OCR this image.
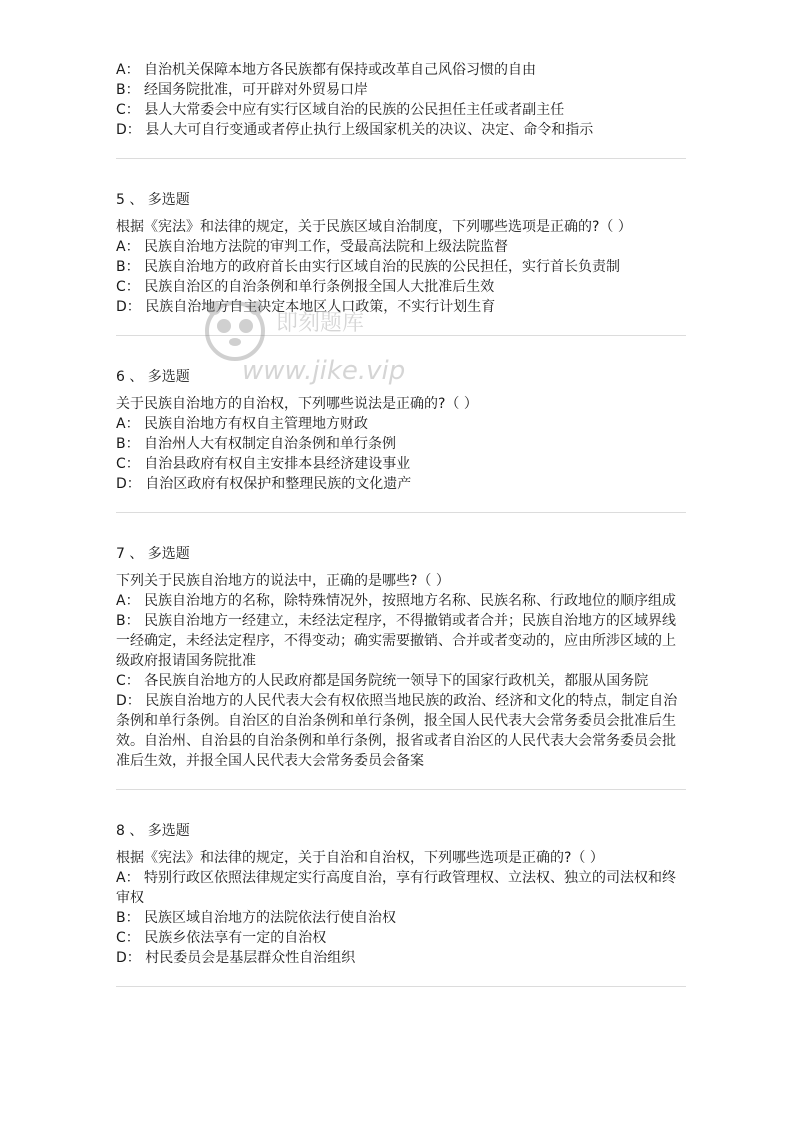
A： 自治机关保障本地方各民族都有保持或改革自己风俗习惯的自由
B： 经国务院批准，可开辟对外贸易口岸
C： 县人大常委会中应有实行区域自治的民族的公民担任主任或者副主任
D： 县人大可自行变通或者停止执行上级国家机关的决议、决定、命令和指示
5 、 多选题
根据《宪法》和法律的规定，关于民族区域自治制度，下列哪些选项是正确的?（ ）
A： 民族自治地方法院的审判工作，受最高法院和上级法院监督
B： 民族自治地方的政府首长由实行区域自治的民族的公民担任，实行首长负责制
C： 民族自治区的自治条例和单行条例报全国人大批准后生效
D： 民族自治地方自主决定本地区人口政策，不实行计划生育
6 、 多选题
关于民族自治地方的自治权，下列哪些说法是正确的?（ ）
A： 民族自治地方有权自主管理地方财政
B： 自治州人大有权制定自治条例和单行条例
C： 自治县政府有权自主安排本县经济建设事业
D： 自治区政府有权保护和整理民族的文化遗产
7 、 多选题
下列关于民族自治地方的说法中，正确的是哪些?（ ）
A： 民族自治地方的名称，除特殊情况外，按照地方名称、民族名称、行政地位的顺序组成
B： 民族自治地方一经建立，未经法定程序，不得撤销或者合并；民族自治地方的区域界线一经确定，未经法定程序，不得变动；确实需要撤销、合并或者变动的，应由所涉区域的上级政府报请国务院批准
C： 各民族自治地方的人民政府都是国务院统一领导下的国家行政机关，都服从国务院
D： 民族自治地方的人民代表大会有权依照当地民族的政治、经济和文化的特点，制定自治条例和单行条例。自治区的自治条例和单行条例，报全国人民代表大会常务委员会批准后生效。自治州、自治县的自治条例和单行条例，报省或者自治区的人民代表大会常务委员会批准后生效，并报全国人民代表大会常务委员会备案
8 、 多选题
根据《宪法》和法律的规定，关于自治和自治权，下列哪些选项是正确的?（ ）
A： 特别行政区依照法律规定实行高度自治，享有行政管理权、立法权、独立的司法权和终审权
B： 民族区域自治地方的法院依法行使自治权
C： 民族乡依法享有一定的自治权
D： 村民委员会是基层群众性自治组织
即刻题库
www.jike.vip
